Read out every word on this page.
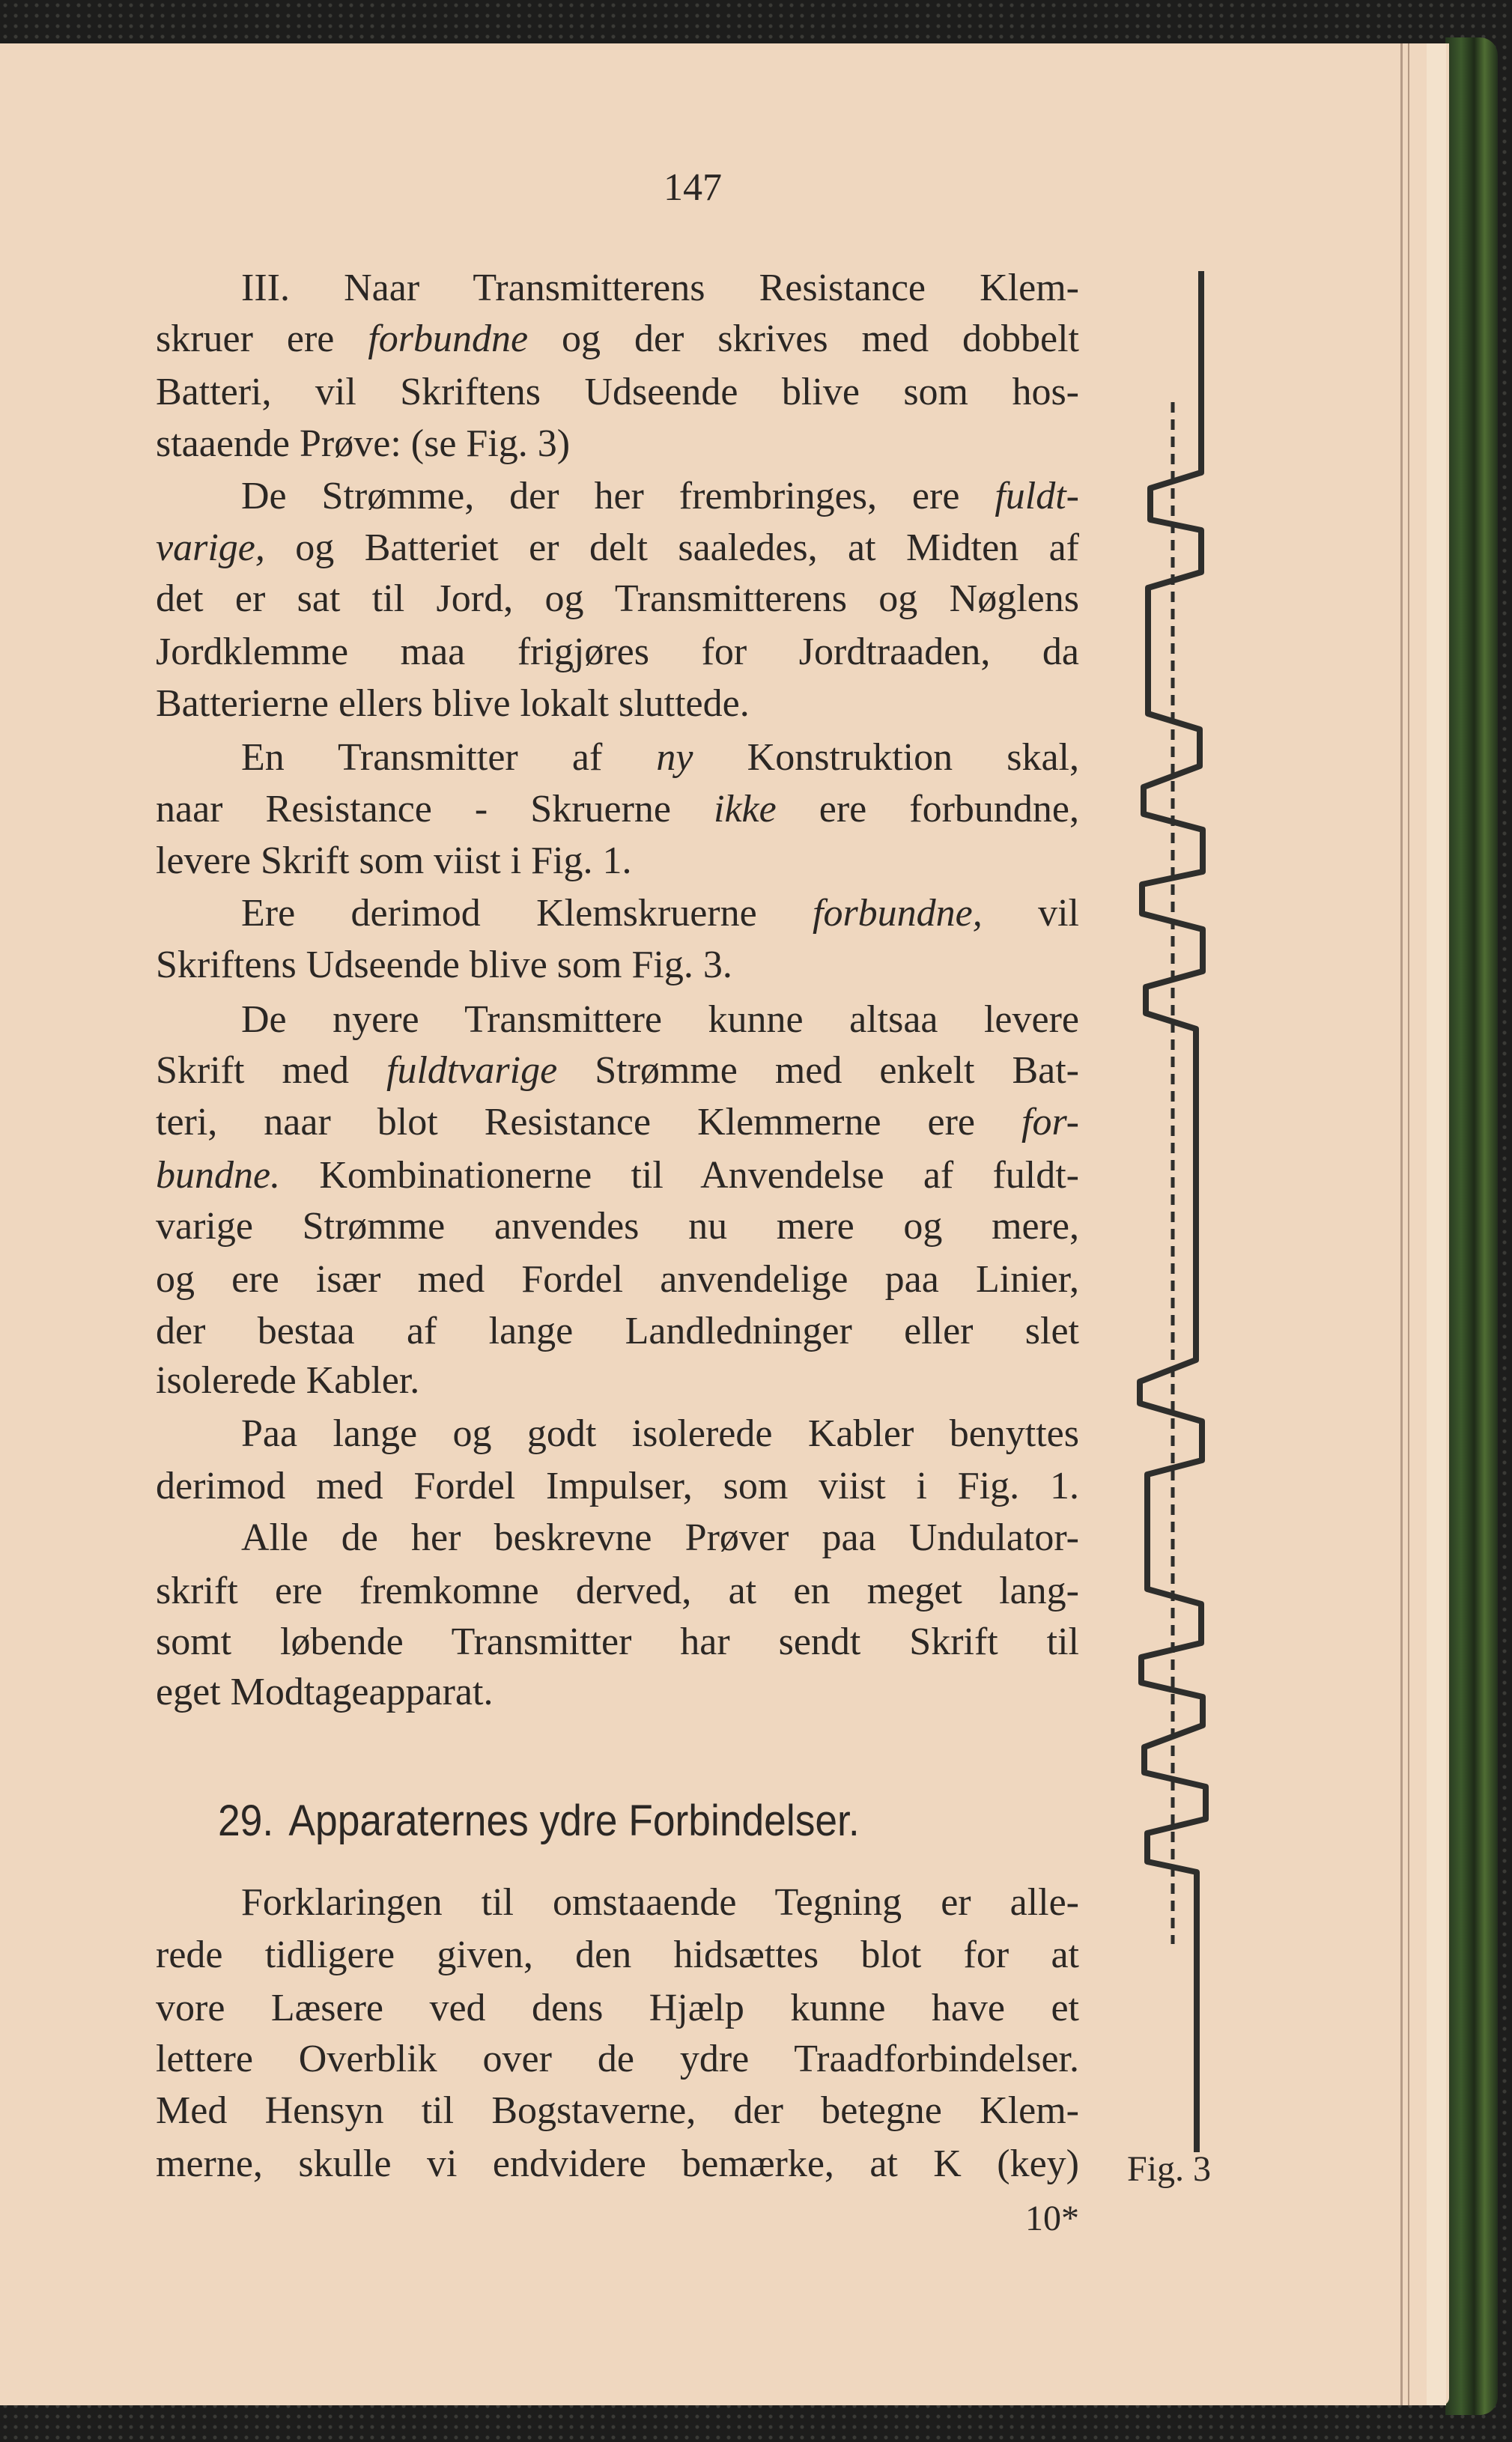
147
III. Naar Transmitterens Resistance Klem-
skruer ere forbundne og der skrives med dobbelt
Batteri, vil Skriftens Udseende blive som hos-
staaende Prøve: (se Fig. 3)
De Strømme, der her frembringes, ere fuldt-
varige, og Batteriet er delt saaledes, at Midten af
det er sat til Jord, og Transmitterens og Nøglens
Jordklemme maa frigjøres for Jordtraaden, da
Batterierne ellers blive lokalt sluttede.
En Transmitter af ny Konstruktion skal,
naar Resistance - Skruerne ikke ere forbundne,
levere Skrift som viist i Fig. 1.
Ere derimod Klemskruerne forbundne, vil
Skriftens Udseende blive som Fig. 3.
De nyere Transmittere kunne altsaa levere
Skrift med fuldtvarige Strømme med enkelt Bat-
teri, naar blot Resistance Klemmerne ere for-
bundne. Kombinationerne til Anvendelse af fuldt-
varige Strømme anvendes nu mere og mere,
og ere især med Fordel anvendelige paa Linier,
der bestaa af lange Landledninger eller slet
isolerede Kabler.
Paa lange og godt isolerede Kabler benyttes
derimod med Fordel Impulser, som viist i Fig. 1.
Alle de her beskrevne Prøver paa Undulator-
skrift ere fremkomne derved, at en meget lang-
somt løbende Transmitter har sendt Skrift til
eget Modtageapparat.
Forklaringen til omstaaende Tegning er alle-
rede tidligere given, den hidsættes blot for at
vore Læsere ved dens Hjælp kunne have et
lettere Overblik over de ydre Traadforbindelser.
Med Hensyn til Bogstaverne, der betegne Klem-
merne, skulle vi endvidere bemærke, at K (key)
29. Apparaternes ydre Forbindelser.
10*
Fig. 3
